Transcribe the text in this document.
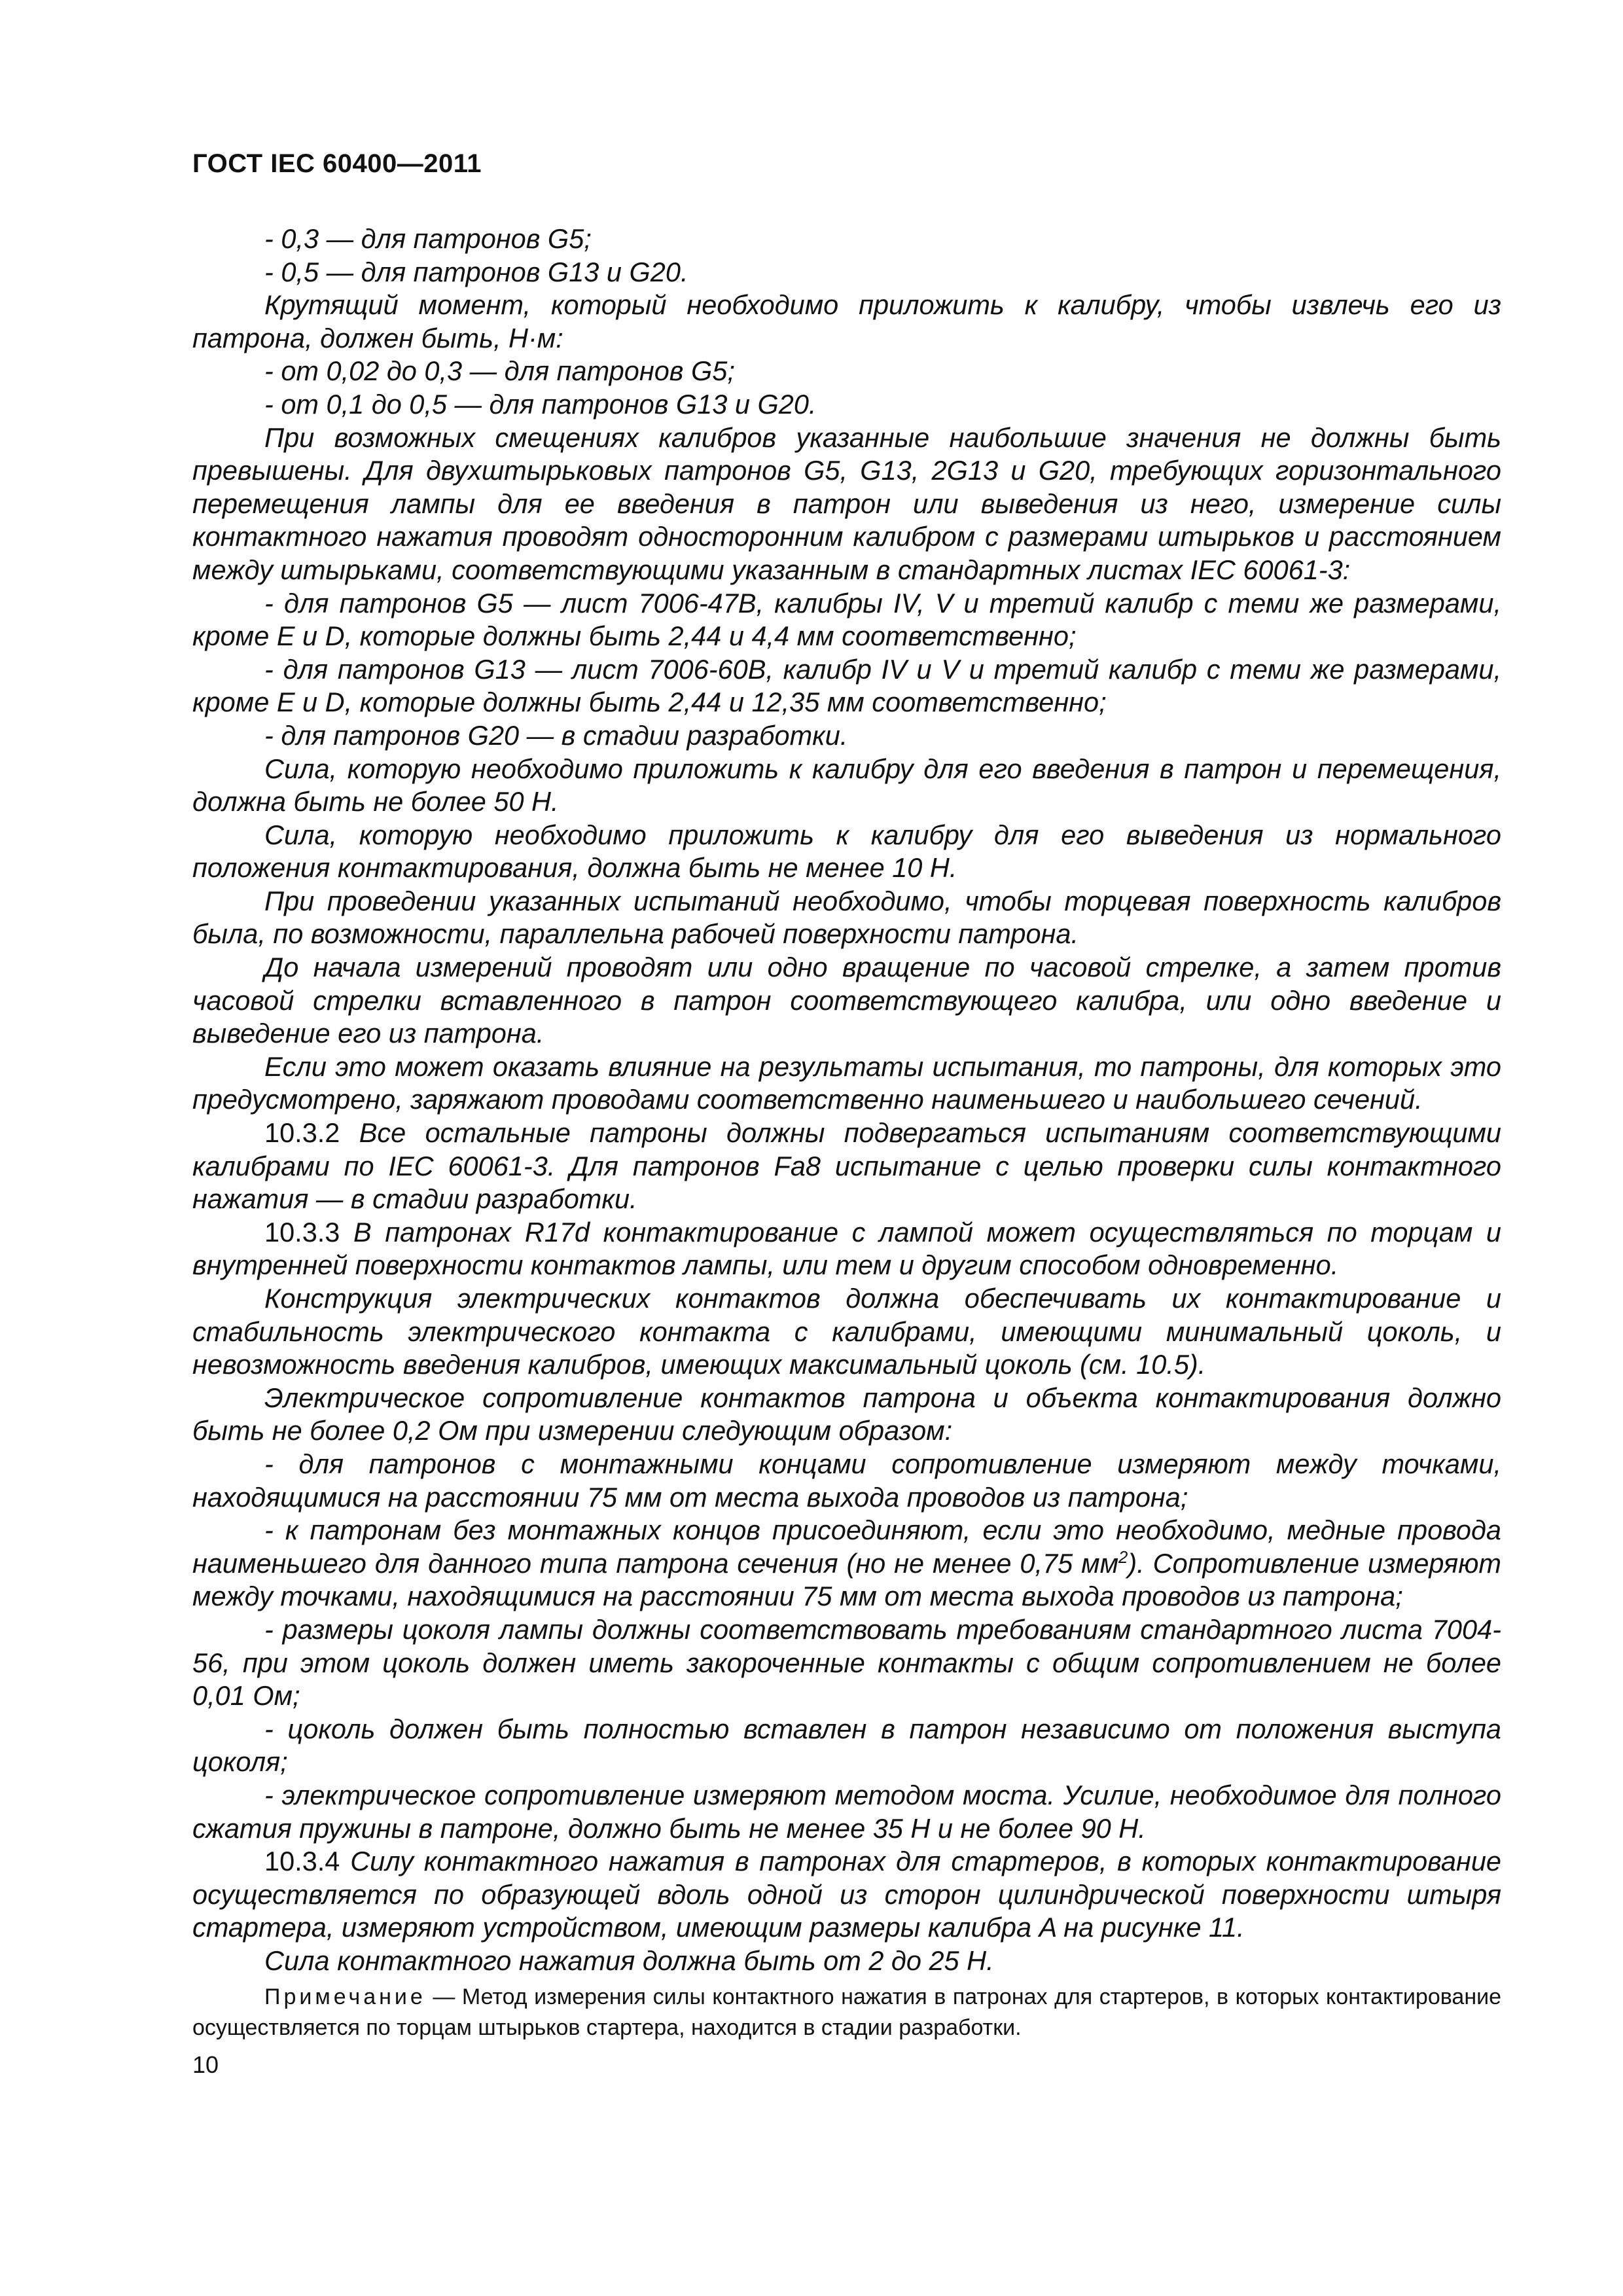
ГОСТ IEC 60400—2011

- 0,3 — для патронов G5;

- 0,5 — для патронов G13 и G20.

Крутящий момент, который необходимо приложить к калибру, чтобы извлечь его из патрона, должен быть, Н·м:

- от 0,02 до 0,3 — для патронов G5;

- от 0,1 до 0,5 — для патронов G13 и G20.

При возможных смещениях калибров указанные наибольшие значения не должны быть превышены. Для двухштырьковых патронов G5, G13, 2G13 и G20, требующих горизонтального перемещения лампы для ее введения в патрон или выведения из него, измерение силы контактного нажатия проводят односторонним калибром с размерами штырьков и расстоянием между штырьками, соответствующими указанным в стандартных листах IEC 60061-3:

- для патронов G5 — лист 7006-47B, калибры IV, V и третий калибр с теми же размерами, кроме E и D, которые должны быть 2,44 и 4,4 мм соответственно;

- для патронов G13 — лист 7006-60B, калибр IV и V и третий калибр с теми же размерами, кроме E и D, которые должны быть 2,44 и 12,35 мм соответственно;

- для патронов G20 — в стадии разработки.

Сила, которую необходимо приложить к калибру для его введения в патрон и перемещения, должна быть не более 50 Н.

Сила, которую необходимо приложить к калибру для его выведения из нормального положения контактирования, должна быть не менее 10 Н.

При проведении указанных испытаний необходимо, чтобы торцевая поверхность калибров была, по возможности, параллельна рабочей поверхности патрона.

До начала измерений проводят или одно вращение по часовой стрелке, а затем против часовой стрелки вставленного в патрон соответствующего калибра, или одно введение и выведение его из патрона.

Если это может оказать влияние на результаты испытания, то патроны, для которых это предусмотрено, заряжают проводами соответственно наименьшего и наибольшего сечений.

10.3.2 Все остальные патроны должны подвергаться испытаниям соответствующими калибрами по IEC 60061-3. Для патронов Fa8 испытание с целью проверки силы контактного нажатия — в стадии разработки.

10.3.3 В патронах R17d контактирование с лампой может осуществляться по торцам и внутренней поверхности контактов лампы, или тем и другим способом одновременно.

Конструкция электрических контактов должна обеспечивать их контактирование и стабильность электрического контакта с калибрами, имеющими минимальный цоколь, и невозможность введения калибров, имеющих максимальный цоколь (см. 10.5).

Электрическое сопротивление контактов патрона и объекта контактирования должно быть не более 0,2 Ом при измерении следующим образом:

- для патронов с монтажными концами сопротивление измеряют между точками, находящимися на расстоянии 75 мм от места выхода проводов из патрона;

- к патронам без монтажных концов присоединяют, если это необходимо, медные провода наименьшего для данного типа патрона сечения (но не менее 0,75 $мм^2$). Сопротивление измеряют между точками, находящимися на расстоянии 75 мм от места выхода проводов из патрона;

- размеры цоколя лампы должны соответствовать требованиям стандартного листа 7004-56, при этом цоколь должен иметь закороченные контакты с общим сопротивлением не более 0,01 Ом;

- цоколь должен быть полностью вставлен в патрон независимо от положения выступа цоколя;

- электрическое сопротивление измеряют методом моста. Усилие, необходимое для полного сжатия пружины в патроне, должно быть не менее 35 Н и не более 90 Н.

10.3.4 Силу контактного нажатия в патронах для стартеров, в которых контактирование осуществляется по образующей вдоль одной из сторон цилиндрической поверхности штыря стартера, измеряют устройством, имеющим размеры калибра A на рисунке 11.

Сила контактного нажатия должна быть от 2 до 25 Н.

Примечание — Метод измерения силы контактного нажатия в патронах для стартеров, в которых контактирование осуществляется по торцам штырьков стартера, находится в стадии разработки.

10
